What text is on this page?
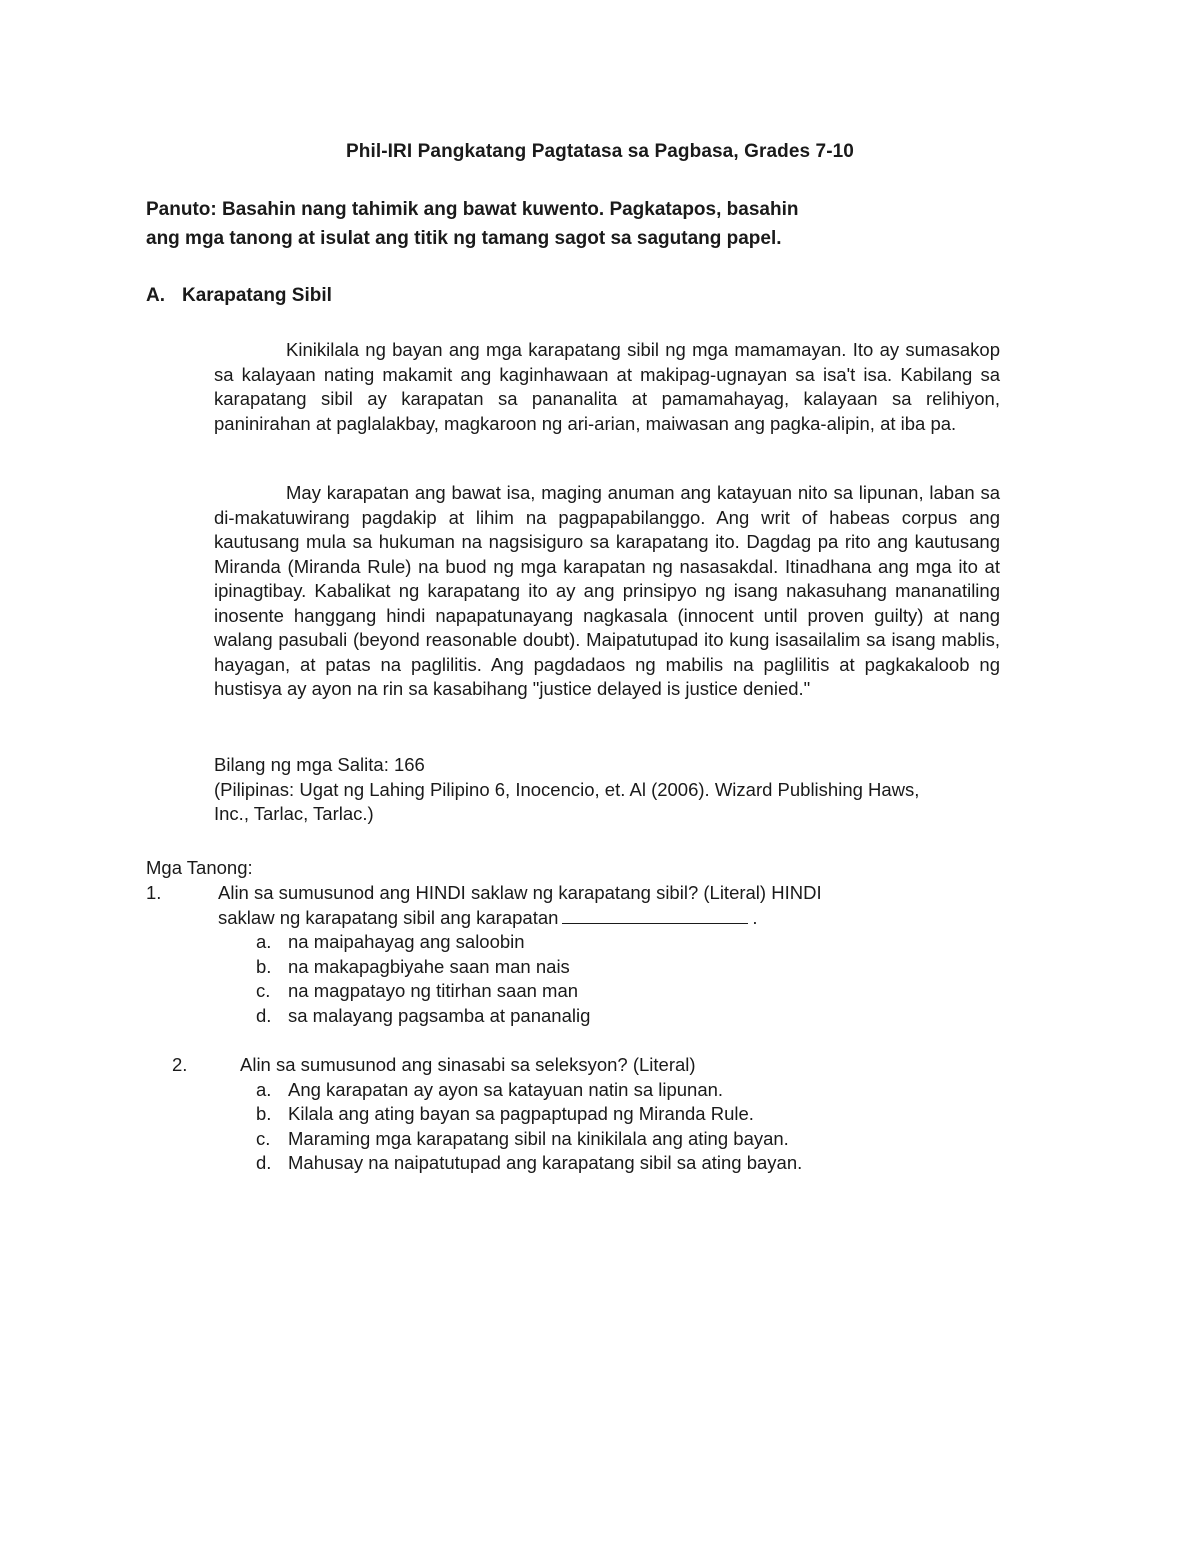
Phil-IRI Pangkatang Pagtatasa sa Pagbasa, Grades 7-10
Panuto: Basahin nang tahimik ang bawat kuwento. Pagkatapos, basahin
ang mga tanong at isulat ang titik ng tamang sagot sa sagutang papel.
A. Karapatang Sibil

Kinikilala ng bayan ang mga karapatang sibil ng mga mamamayan. Ito ay sumasakop sa kalayaan nating makamit ang kaginhawaan at makipag-ugnayan sa isa't isa. Kabilang sa karapatang sibil ay karapatan sa pananalita at pamamahayag, kalayaan sa relihiyon, paninirahan at paglalakbay, magkaroon ng ari-arian, maiwasan ang pagka-alipin, at iba pa.

May karapatan ang bawat isa, maging anuman ang katayuan nito sa lipunan, laban sa di-makatuwirang pagdakip at lihim na pagpapabilanggo. Ang writ of habeas corpus ang kautusang mula sa hukuman na nagsisiguro sa karapatang ito. Dagdag pa rito ang kautusang Miranda (Miranda Rule) na buod ng mga karapatan ng nasasakdal. Itinadhana ang mga ito at ipinagtibay. Kabalikat ng karapatang ito ay ang prinsipyo ng isang nakasuhang mananatiling inosente hanggang hindi napapatunayang nagkasala (innocent until proven guilty) at nang walang pasubali (beyond reasonable doubt). Maipatutupad ito kung isasailalim sa isang mablis, hayagan, at patas na paglilitis. Ang pagdadaos ng mabilis na paglilitis at pagkakaloob ng hustisya ay ayon na rin sa kasabihang "justice delayed is justice denied."

Bilang ng mga Salita: 166
(Pilipinas: Ugat ng Lahing Pilipino 6, Inocencio, et. Al (2006). Wizard Publishing Haws,
Inc., Tarlac, Tarlac.)
Mga Tanong:
1.	Alin sa sumusunod ang HINDI saklaw ng karapatang sibil? (Literal) HINDI
saklaw ng karapatang sibil ang karapatan	.
a. na maipahayag ang saloobin
b. na makapagbiyahe saan man nais
c. na magpatayo ng titirhan saan man
d. sa malayang pagsamba at pananalig
2.	Alin sa sumusunod ang sinasabi sa seleksyon? (Literal)
a. Ang karapatan ay ayon sa katayuan natin sa lipunan.
b. Kilala ang ating bayan sa pagpaptupad ng Miranda Rule.
c. Maraming mga karapatang sibil na kinikilala ang ating bayan.
d. Mahusay na naipatutupad ang karapatang sibil sa ating bayan.
